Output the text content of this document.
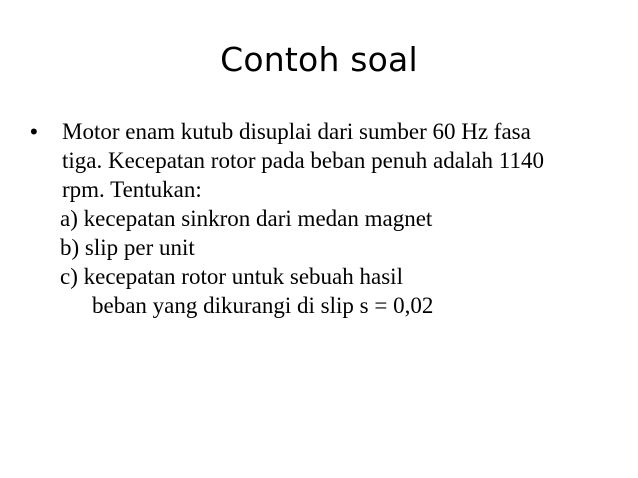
Contoh soal
• Motor enam kutub disuplai dari sumber 60 Hz fasa
tiga. Kecepatan rotor pada beban penuh adalah 1140
rpm. Tentukan:
a) kecepatan sinkron dari medan magnet
b) slip per unit
c) kecepatan rotor untuk sebuah hasil
beban yang dikurangi di slip s = 0,02
